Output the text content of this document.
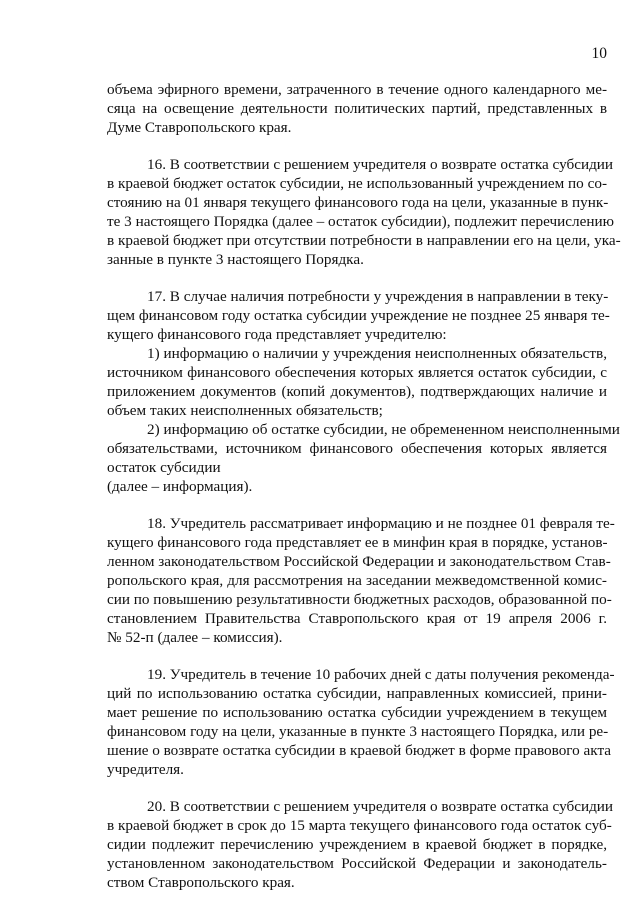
10
объема эфирного времени, затраченного в течение одного календарного ме-
сяца на освещение деятельности политических партий, представленных в
Думе Ставропольского края.
16. В соответствии с решением учредителя о возврате остатка субсидии
в краевой бюджет остаток субсидии, не использованный учреждением по со-
стоянию на 01 января текущего финансового года на цели, указанные в пунк-
те 3 настоящего Порядка (далее – остаток субсидии), подлежит перечислению
в краевой бюджет при отсутствии потребности в направлении его на цели, ука-
занные в пункте 3 настоящего Порядка.
17. В случае наличия потребности у учреждения в направлении в теку-
щем финансовом году остатка субсидии учреждение не позднее 25 января те-
кущего финансового года представляет учредителю:
1) информацию о наличии у учреждения неисполненных обязательств,
источником финансового обеспечения которых является остаток субсидии, с
приложением документов (копий документов), подтверждающих наличие и
объем таких неисполненных обязательств;
2) информацию об остатке субсидии, не обремененном неисполненными
обязательствами, источником финансового обеспечения которых является
остаток субсидии
(далее – информация).
18. Учредитель рассматривает информацию и не позднее 01 февраля те-
кущего финансового года представляет ее в минфин края в порядке, установ-
ленном законодательством Российской Федерации и законодательством Став-
ропольского края, для рассмотрения на заседании межведомственной комис-
сии по повышению результативности бюджетных расходов, образованной по-
становлением Правительства Ставропольского края от 19 апреля 2006 г.
№ 52-п (далее – комиссия).
19. Учредитель в течение 10 рабочих дней с даты получения рекоменда-
ций по использованию остатка субсидии, направленных комиссией, прини-
мает решение по использованию остатка субсидии учреждением в текущем
финансовом году на цели, указанные в пункте 3 настоящего Порядка, или ре-
шение о возврате остатка субсидии в краевой бюджет в форме правового акта
учредителя.
20. В соответствии с решением учредителя о возврате остатка субсидии
в краевой бюджет в срок до 15 марта текущего финансового года остаток суб-
сидии подлежит перечислению учреждением в краевой бюджет в порядке,
установленном законодательством Российской Федерации и законодатель-
ством Ставропольского края.
